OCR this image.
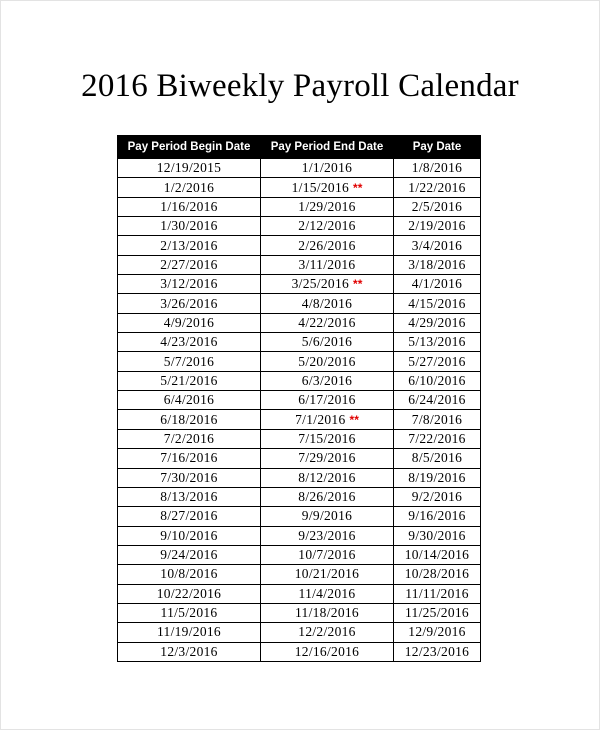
2016 Biweekly Payroll Calendar
Pay Period Begin Date	Pay Period End Date	Pay Date
12/19/2015	1/1/2016	1/8/2016
1/2/2016	1/15/2016 **	1/22/2016
1/16/2016	1/29/2016	2/5/2016
1/30/2016	2/12/2016	2/19/2016
2/13/2016	2/26/2016	3/4/2016
2/27/2016	3/11/2016	3/18/2016
3/12/2016	3/25/2016 **	4/1/2016
3/26/2016	4/8/2016	4/15/2016
4/9/2016	4/22/2016	4/29/2016
4/23/2016	5/6/2016	5/13/2016
5/7/2016	5/20/2016	5/27/2016
5/21/2016	6/3/2016	6/10/2016
6/4/2016	6/17/2016	6/24/2016
6/18/2016	7/1/2016 **	7/8/2016
7/2/2016	7/15/2016	7/22/2016
7/16/2016	7/29/2016	8/5/2016
7/30/2016	8/12/2016	8/19/2016
8/13/2016	8/26/2016	9/2/2016
8/27/2016	9/9/2016	9/16/2016
9/10/2016	9/23/2016	9/30/2016
9/24/2016	10/7/2016	10/14/2016
10/8/2016	10/21/2016	10/28/2016
10/22/2016	11/4/2016	11/11/2016
11/5/2016	11/18/2016	11/25/2016
11/19/2016	12/2/2016	12/9/2016
12/3/2016	12/16/2016	12/23/2016
